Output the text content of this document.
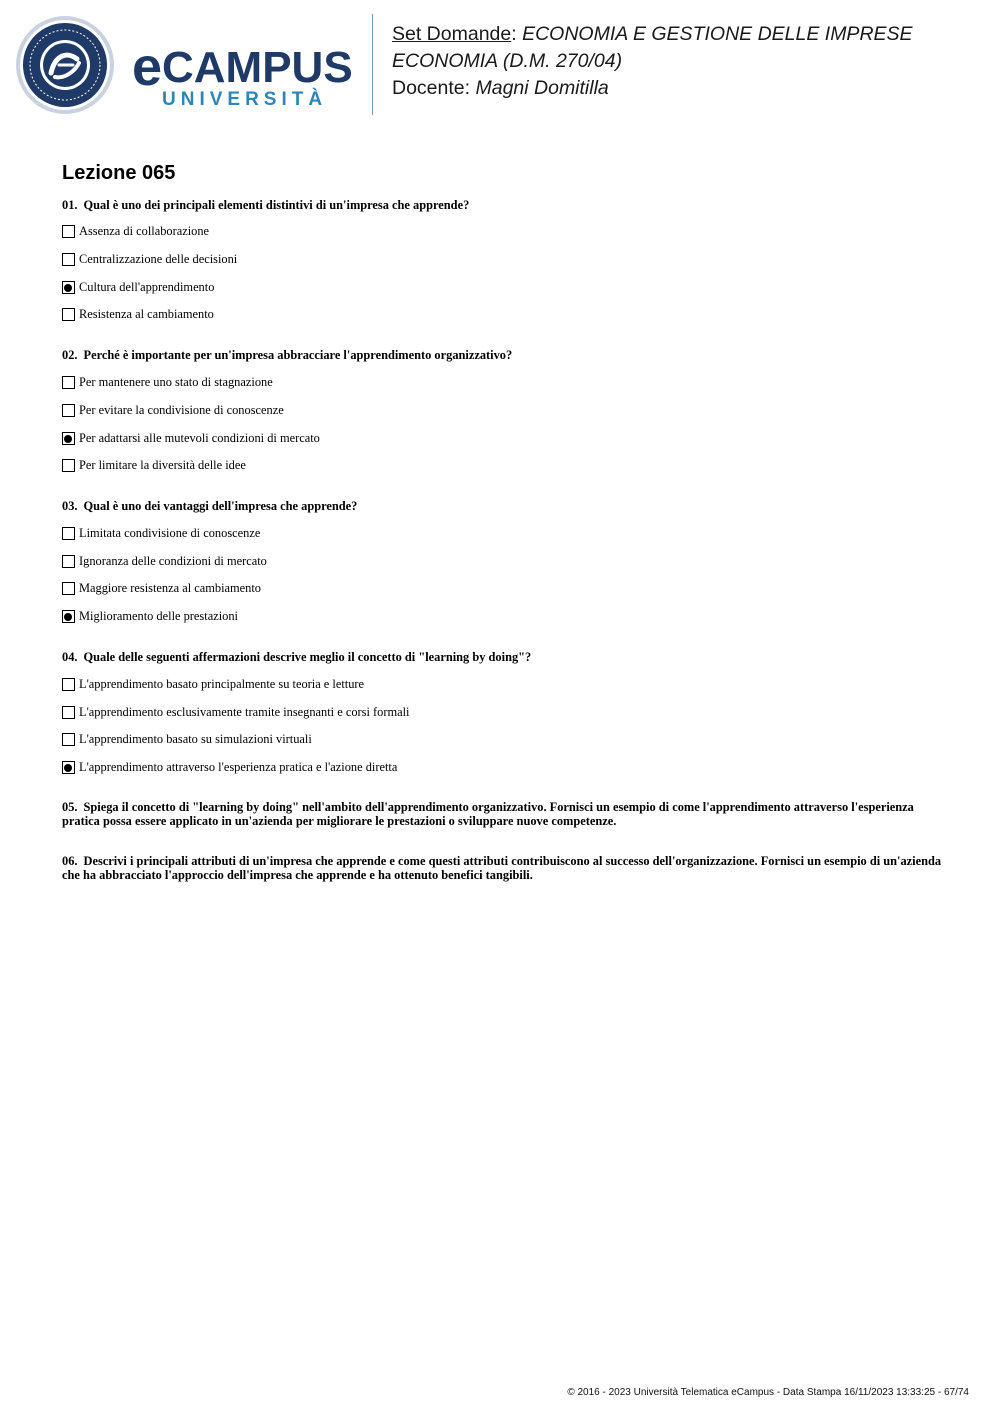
e CAMPUS
UNIVERSITÀ
Set Domande: ECONOMIA E GESTIONE DELLE IMPRESE
ECONOMIA (D.M. 270/04)
Docente: Magni Domitilla
Lezione 065
01. Qual è uno dei principali elementi distintivi di un'impresa che apprende?
Assenza di collaborazione
Centralizzazione delle decisioni
Cultura dell'apprendimento
Resistenza al cambiamento
02. Perché è importante per un'impresa abbracciare l'apprendimento organizzativo?
Per mantenere uno stato di stagnazione
Per evitare la condivisione di conoscenze
Per adattarsi alle mutevoli condizioni di mercato
Per limitare la diversità delle idee
03. Qual è uno dei vantaggi dell'impresa che apprende?
Limitata condivisione di conoscenze
Ignoranza delle condizioni di mercato
Maggiore resistenza al cambiamento
Miglioramento delle prestazioni
04. Quale delle seguenti affermazioni descrive meglio il concetto di "learning by doing"?
L'apprendimento basato principalmente su teoria e letture
L'apprendimento esclusivamente tramite insegnanti e corsi formali
L'apprendimento basato su simulazioni virtuali
L'apprendimento attraverso l'esperienza pratica e l'azione diretta
05. Spiega il concetto di "learning by doing" nell'ambito dell'apprendimento organizzativo. Fornisci un esempio di come l'apprendimento attraverso l'esperienza pratica possa essere applicato in un'azienda per migliorare le prestazioni o sviluppare nuove competenze.
06. Descrivi i principali attributi di un'impresa che apprende e come questi attributi contribuiscono al successo dell'organizzazione. Fornisci un esempio di un'azienda che ha abbracciato l'approccio dell'impresa che apprende e ha ottenuto benefici tangibili.
© 2016 - 2023 Università Telematica eCampus - Data Stampa 16/11/2023 13:33:25 - 67/74
